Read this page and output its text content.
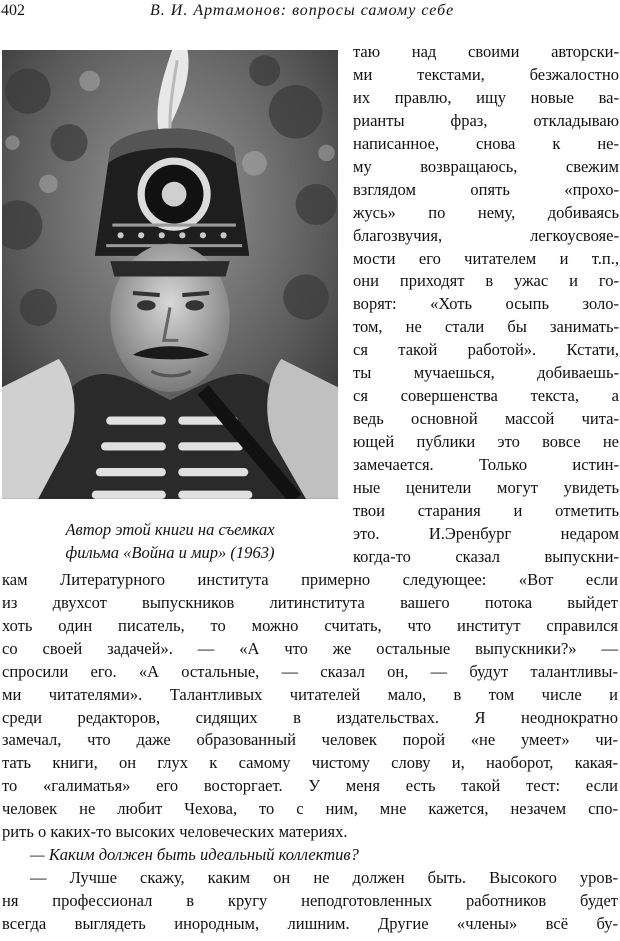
402	В. И. Артамонов: вопросы самому себе
Автор этой книги на съемках
фильма «Война и мир» (1963)
таю над своими авторски-
ми текстами, безжалостно
их правлю, ищу новые ва-
рианты фраз, откладываю
написанное, снова к не-
му возвращаюсь, свежим
взглядом опять «прохо-
жусь» по нему, добиваясь
благозвучия, легкоусвояе-
мости его читателем и т.п.,
они приходят в ужас и го-
ворят: «Хоть осыпь золо-
том, не стали бы занимать-
ся такой работой». Кстати,
ты мучаешься, добиваешь-
ся совершенства текста, а
ведь основной массой чита-
ющей публики это вовсе не
замечается. Только истин-
ные ценители могут увидеть
твои старания и отметить
это. И.Эренбург недаром
когда-то сказал выпускни-
кам Литературного института примерно следующее: «Вот если
из двухсот выпускников литинститута вашего потока выйдет
хоть один писатель, то можно считать, что институт справился
со своей задачей». — «А что же остальные выпускники?» —
спросили его. «А остальные, — сказал он, — будут талантливы-
ми читателями». Талантливых читателей мало, в том числе и
среди редакторов, сидящих в издательствах. Я неоднократно
замечал, что даже образованный человек порой «не умеет» чи-
тать книги, он глух к самому чистому слову и, наоборот, какая-
то «галиматья» его восторгает. У меня есть такой тест: если
человек не любит Чехова, то с ним, мне кажется, незачем спо-
рить о каких-то высоких человеческих материях.
— Каким должен быть идеальный коллектив?
— Лучше скажу, каким он не должен быть. Высокого уров-
ня профессионал в кругу неподготовленных работников будет
всегда выглядеть инородным, лишним. Другие «члены» всё бу-
